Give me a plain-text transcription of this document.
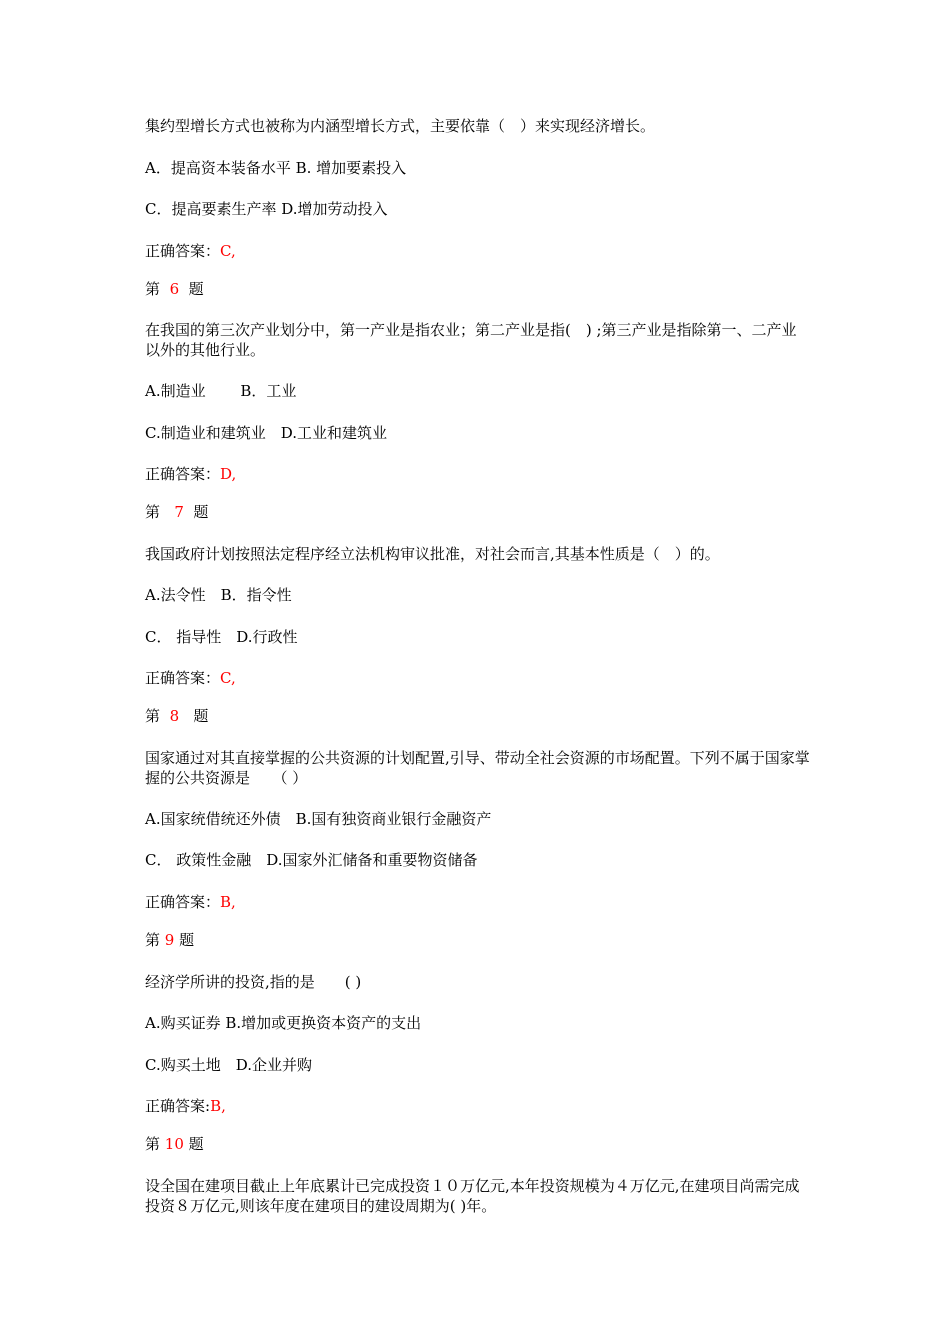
集约型增长方式也被称为内涵型增长方式，主要依靠（　）来实现经济增长。
A．提高资本装备水平 B. 增加要素投入
C．提高要素生产率 D.增加劳动投入
正确答案：C,
第 6 题
在我国的第三次产业划分中，第一产业是指农业；第二产业是指(　) ;第三产业是指除第一、二产业以外的其他行业。
A.制造业　　 B．工业
C.制造业和建筑业　D.工业和建筑业
正确答案：D,
第 7 题
我国政府计划按照法定程序经立法机构审议批准，对社会而言,其基本性质是（　）的。
A.法令性　B．指令性
C． 指导性　D.行政性
正确答案：C,
第 8 题
国家通过对其直接掌握的公共资源的计划配置,引导、带动全社会资源的市场配置。下列不属于国家掌握的公共资源是　　（ ）
A.国家统借统还外债　B.国有独资商业银行金融资产
C． 政策性金融　D.国家外汇储备和重要物资储备
正确答案：B,
第 9 题
经济学所讲的投资,指的是　　( )
A.购买证券 B.增加或更换资本资产的支出
C.购买土地　D.企业并购
正确答案:B,
第 10 题
设全国在建项目截止上年底累计已完成投资１０万亿元,本年投资规模为４万亿元,在建项目尚需完成投资８万亿元,则该年度在建项目的建设周期为( )年。
